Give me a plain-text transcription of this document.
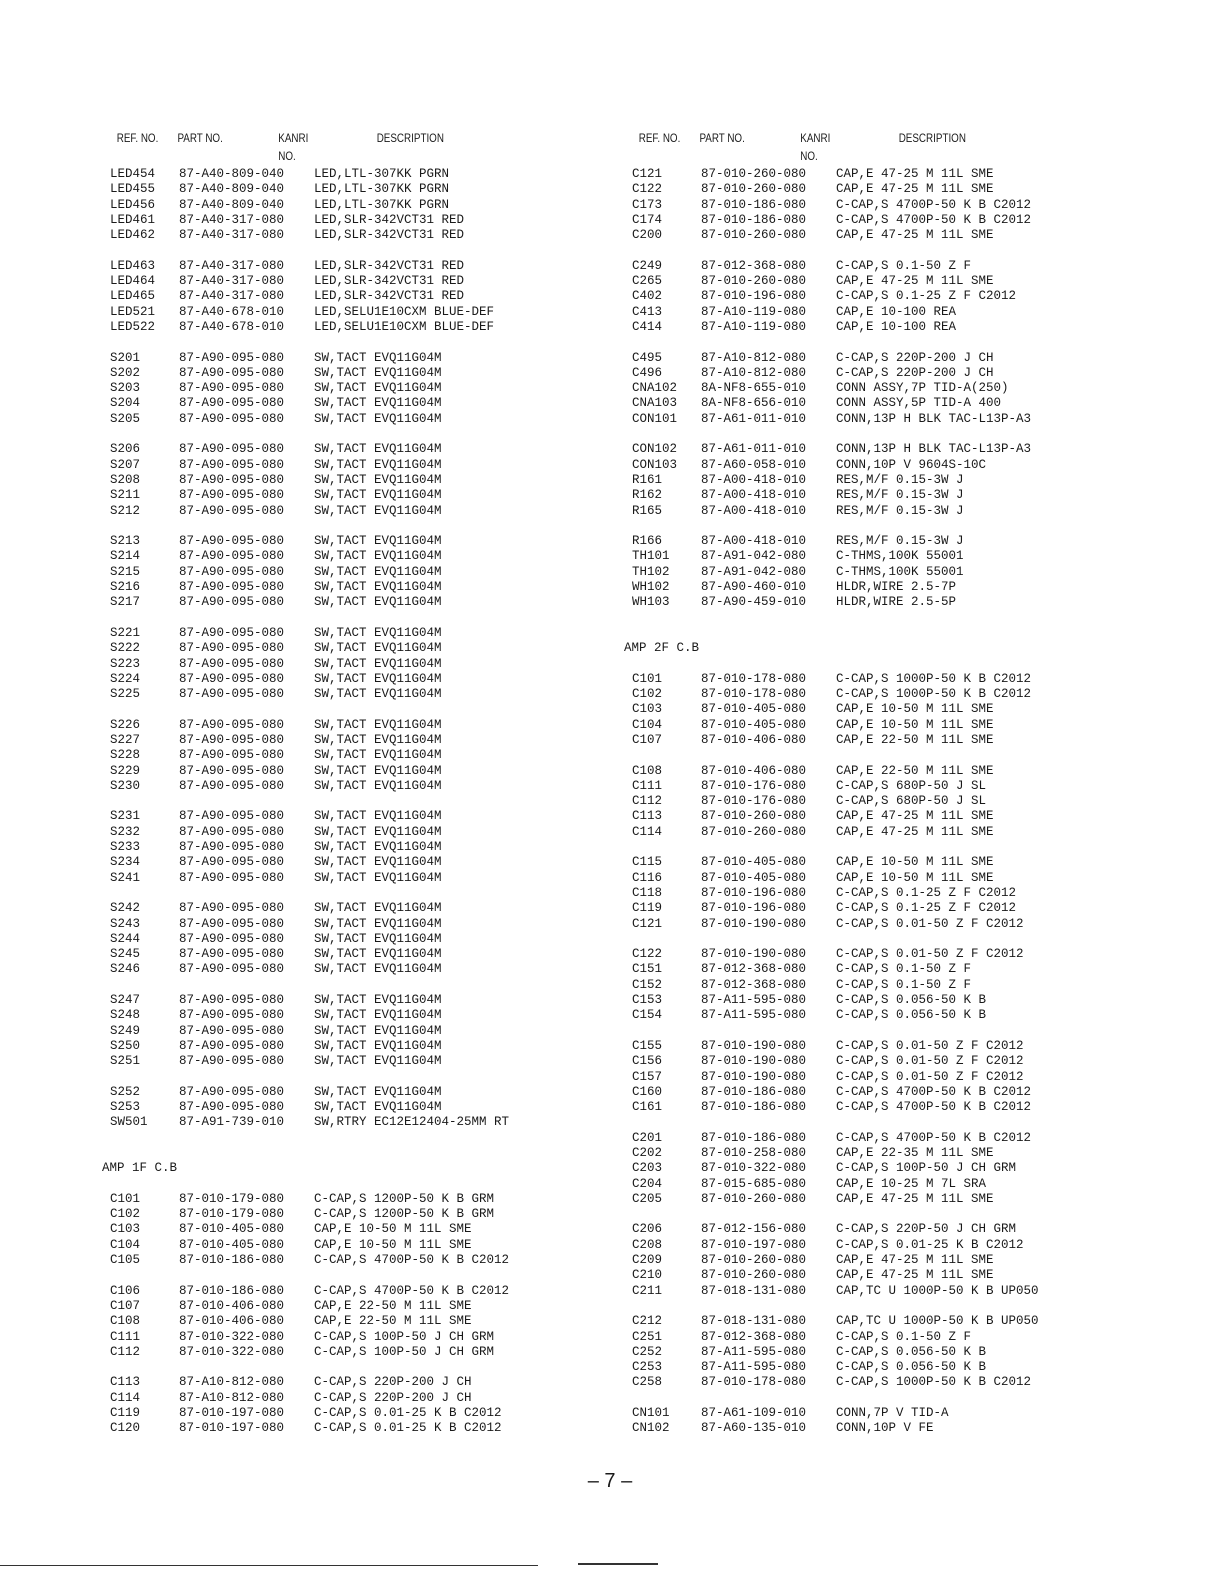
REF. NO. PART NO.	KANRI
NO.
DESCRIPTION
LED454 87-A40-809-040 LED,LTL-307KK PGRN
LED455 87-A40-809-040 LED,LTL-307KK PGRN
LED456 87-A40-809-040 LED,LTL-307KK PGRN
LED461 87-A40-317-080 LED,SLR-342VCT31 RED
LED462 87-A40-317-080 LED,SLR-342VCT31 RED
LED463 87-A40-317-080 LED,SLR-342VCT31 RED
LED464 87-A40-317-080 LED,SLR-342VCT31 RED
LED465 87-A40-317-080 LED,SLR-342VCT31 RED
LED521 87-A40-678-010 LED,SELU1E10CXM BLUE-DEF
LED522 87-A40-678-010 LED,SELU1E10CXM BLUE-DEF
S201	87-A90-095-080 SW,TACT EVQ11G04M
S202	87-A90-095-080 SW,TACT EVQ11G04M
S203	87-A90-095-080 SW,TACT EVQ11G04M
S204	87-A90-095-080 SW,TACT EVQ11G04M
S205	87-A90-095-080 SW,TACT EVQ11G04M
S206	87-A90-095-080 SW,TACT EVQ11G04M
S207	87-A90-095-080 SW,TACT EVQ11G04M
S208	87-A90-095-080 SW,TACT EVQ11G04M
S211	87-A90-095-080 SW,TACT EVQ11G04M
S212	87-A90-095-080 SW,TACT EVQ11G04M
S213	87-A90-095-080 SW,TACT EVQ11G04M
S214	87-A90-095-080 SW,TACT EVQ11G04M
S215	87-A90-095-080 SW,TACT EVQ11G04M
S216	87-A90-095-080 SW,TACT EVQ11G04M
S217	87-A90-095-080 SW,TACT EVQ11G04M
S221	87-A90-095-080 SW,TACT EVQ11G04M
S222	87-A90-095-080 SW,TACT EVQ11G04M
S223	87-A90-095-080 SW,TACT EVQ11G04M
S224	87-A90-095-080 SW,TACT EVQ11G04M
S225	87-A90-095-080 SW,TACT EVQ11G04M
S226	87-A90-095-080 SW,TACT EVQ11G04M
S227	87-A90-095-080 SW,TACT EVQ11G04M
S228	87-A90-095-080 SW,TACT EVQ11G04M
S229	87-A90-095-080 SW,TACT EVQ11G04M
S230	87-A90-095-080 SW,TACT EVQ11G04M
S231	87-A90-095-080 SW,TACT EVQ11G04M
S232	87-A90-095-080 SW,TACT EVQ11G04M
S233	87-A90-095-080 SW,TACT EVQ11G04M
S234	87-A90-095-080 SW,TACT EVQ11G04M
S241	87-A90-095-080 SW,TACT EVQ11G04M
S242	87-A90-095-080 SW,TACT EVQ11G04M
S243	87-A90-095-080 SW,TACT EVQ11G04M
S244	87-A90-095-080 SW,TACT EVQ11G04M
S245	87-A90-095-080 SW,TACT EVQ11G04M
S246	87-A90-095-080 SW,TACT EVQ11G04M
S247	87-A90-095-080 SW,TACT EVQ11G04M
S248	87-A90-095-080 SW,TACT EVQ11G04M
S249	87-A90-095-080 SW,TACT EVQ11G04M
S250	87-A90-095-080 SW,TACT EVQ11G04M
S251	87-A90-095-080 SW,TACT EVQ11G04M
S252	87-A90-095-080 SW,TACT EVQ11G04M
S253	87-A90-095-080 SW,TACT EVQ11G04M
SW501	87-A91-739-010 SW,RTRY EC12E12404-25MM RT
AMP 1F C.B
C101	87-010-179-080 C-CAP,S 1200P-50 K B GRM
C102	87-010-179-080 C-CAP,S 1200P-50 K B GRM
C103	87-010-405-080 CAP,E 10-50 M 11L SME
C104	87-010-405-080 CAP,E 10-50 M 11L SME
C105	87-010-186-080 C-CAP,S 4700P-50 K B C2012
C106	87-010-186-080 C-CAP,S 4700P-50 K B C2012
C107	87-010-406-080 CAP,E 22-50 M 11L SME
C108	87-010-406-080 CAP,E 22-50 M 11L SME
C111	87-010-322-080 C-CAP,S 100P-50 J CH GRM
C112	87-010-322-080 C-CAP,S 100P-50 J CH GRM
C113	87-A10-812-080 C-CAP,S 220P-200 J CH
C114	87-A10-812-080 C-CAP,S 220P-200 J CH
C119	87-010-197-080 C-CAP,S 0.01-25 K B C2012
C120	87-010-197-080 C-CAP,S 0.01-25 K B C2012
REF. NO. PART NO.	KANRI
NO.
DESCRIPTION
C121	87-010-260-080 CAP,E 47-25 M 11L SME
C122	87-010-260-080 CAP,E 47-25 M 11L SME
C173	87-010-186-080 C-CAP,S 4700P-50 K B C2012
C174	87-010-186-080 C-CAP,S 4700P-50 K B C2012
C200	87-010-260-080 CAP,E 47-25 M 11L SME
C249	87-012-368-080 C-CAP,S 0.1-50 Z F
C265	87-010-260-080 CAP,E 47-25 M 11L SME
C402	87-010-196-080 C-CAP,S 0.1-25 Z F C2012
C413	87-A10-119-080 CAP,E 10-100 REA
C414	87-A10-119-080 CAP,E 10-100 REA
C495	87-A10-812-080 C-CAP,S 220P-200 J CH
C496	87-A10-812-080 C-CAP,S 220P-200 J CH
CNA102 8A-NF8-655-010 CONN ASSY,7P TID-A(250)
CNA103 8A-NF8-656-010 CONN ASSY,5P TID-A 400
CON101 87-A61-011-010 CONN,13P H BLK TAC-L13P-A3
CON102 87-A61-011-010 CONN,13P H BLK TAC-L13P-A3
CON103 87-A60-058-010 CONN,10P V 9604S-10C
R161	87-A00-418-010 RES,M/F 0.15-3W J
R162	87-A00-418-010 RES,M/F 0.15-3W J
R165	87-A00-418-010 RES,M/F 0.15-3W J
R166	87-A00-418-010 RES,M/F 0.15-3W J
TH101	87-A91-042-080 C-THMS,100K 55001
TH102	87-A91-042-080 C-THMS,100K 55001
WH102	87-A90-460-010 HLDR,WIRE 2.5-7P
WH103	87-A90-459-010 HLDR,WIRE 2.5-5P
AMP 2F C.B
C101	87-010-178-080 C-CAP,S 1000P-50 K B C2012
C102	87-010-178-080 C-CAP,S 1000P-50 K B C2012
C103	87-010-405-080 CAP,E 10-50 M 11L SME
C104	87-010-405-080 CAP,E 10-50 M 11L SME
C107	87-010-406-080 CAP,E 22-50 M 11L SME
C108	87-010-406-080 CAP,E 22-50 M 11L SME
C111	87-010-176-080 C-CAP,S 680P-50 J SL
C112	87-010-176-080 C-CAP,S 680P-50 J SL
C113	87-010-260-080 CAP,E 47-25 M 11L SME
C114	87-010-260-080 CAP,E 47-25 M 11L SME
C115	87-010-405-080 CAP,E 10-50 M 11L SME
C116	87-010-405-080 CAP,E 10-50 M 11L SME
C118	87-010-196-080 C-CAP,S 0.1-25 Z F C2012
C119	87-010-196-080 C-CAP,S 0.1-25 Z F C2012
C121	87-010-190-080 C-CAP,S 0.01-50 Z F C2012
C122	87-010-190-080 C-CAP,S 0.01-50 Z F C2012
C151	87-012-368-080 C-CAP,S 0.1-50 Z F
C152	87-012-368-080 C-CAP,S 0.1-50 Z F
C153	87-A11-595-080 C-CAP,S 0.056-50 K B
C154	87-A11-595-080 C-CAP,S 0.056-50 K B
C155	87-010-190-080 C-CAP,S 0.01-50 Z F C2012
C156	87-010-190-080 C-CAP,S 0.01-50 Z F C2012
C157	87-010-190-080 C-CAP,S 0.01-50 Z F C2012
C160	87-010-186-080 C-CAP,S 4700P-50 K B C2012
C161	87-010-186-080 C-CAP,S 4700P-50 K B C2012
C201	87-010-186-080 C-CAP,S 4700P-50 K B C2012
C202	87-010-258-080 CAP,E 22-35 M 11L SME
C203	87-010-322-080 C-CAP,S 100P-50 J CH GRM
C204	87-015-685-080 CAP,E 10-25 M 7L SRA
C205	87-010-260-080 CAP,E 47-25 M 11L SME
C206	87-012-156-080 C-CAP,S 220P-50 J CH GRM
C208	87-010-197-080 C-CAP,S 0.01-25 K B C2012
C209	87-010-260-080 CAP,E 47-25 M 11L SME
C210	87-010-260-080 CAP,E 47-25 M 11L SME
C211	87-018-131-080 CAP,TC U 1000P-50 K B UP050
C212	87-018-131-080 CAP,TC U 1000P-50 K B UP050
C251	87-012-368-080 C-CAP,S 0.1-50 Z F
C252	87-A11-595-080 C-CAP,S 0.056-50 K B
C253	87-A11-595-080 C-CAP,S 0.056-50 K B
C258	87-010-178-080 C-CAP,S 1000P-50 K B C2012
CN101	87-A61-109-010 CONN,7P V TID-A
CN102	87-A60-135-010 CONN,10P V FE
– 7 –
